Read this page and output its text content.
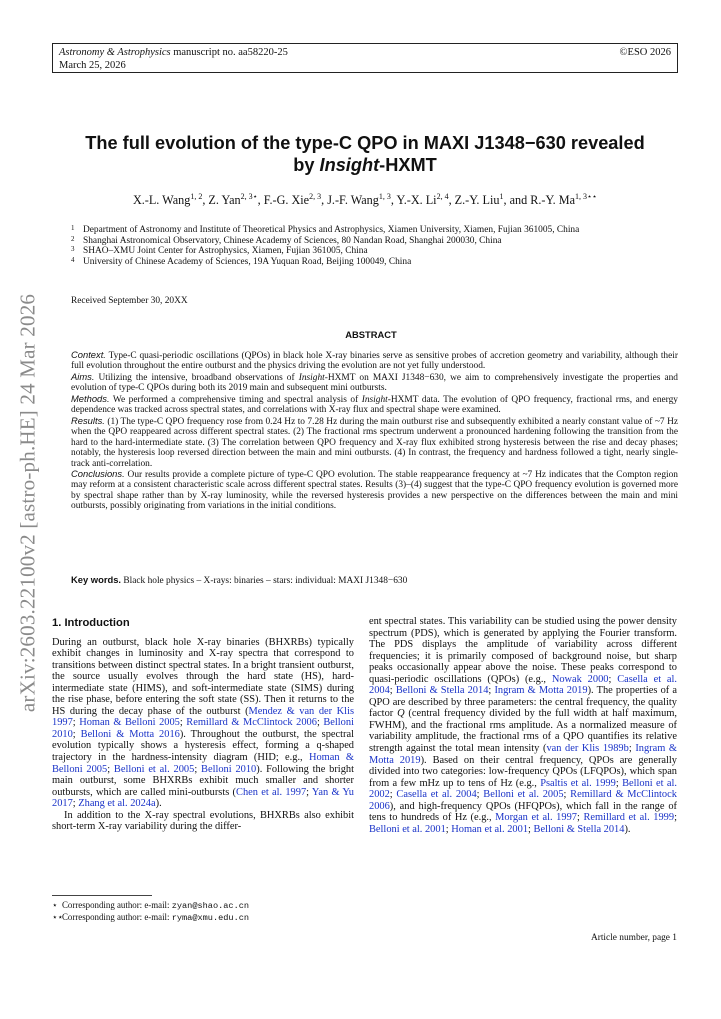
Astronomy & Astrophysics manuscript no. aa58220-25
March 25, 2026
©ESO 2026
arXiv:2603.22100v2 [astro-ph.HE] 24 Mar 2026
The full evolution of the type-C QPO in MAXI J1348−630 revealed
by Insight-HXMT
X.-L. Wang$^{1, 2}$, Z. Yan$^{2, 3⋆}$, F.-G. Xie$^{2, 3}$, J.-F. Wang$^{1, 3}$, Y.-X. Li$^{2, 4}$, Z.-Y. Liu$^1$, and R.-Y. $Ma^{1, 3⋆⋆}$
1 Department of Astronomy and Institute of Theoretical Physics and Astrophysics, Xiamen University, Xiamen, Fujian 361005, China
2 Shanghai Astronomical Observatory, Chinese Academy of Sciences, 80 Nandan Road, Shanghai 200030, China
3 SHAO–XMU Joint Center for Astrophysics, Xiamen, Fujian 361005, China
4 University of Chinese Academy of Sciences, 19A Yuquan Road, Beijing 100049, China
Received September 30, 20XX
ABSTRACT

Context. Type-C quasi-periodic oscillations (QPOs) in black hole X-ray binaries serve as sensitive probes of accretion geometry and variability, although their full evolution throughout the entire outburst and the physics driving the evolution are not yet fully understood.

Aims. Utilizing the intensive, broadband observations of Insight-HXMT on MAXI J1348−630, we aim to comprehensively investigate the properties and evolution of type-C QPOs during both its 2019 main and subsequent mini outbursts.

Methods. We performed a comprehensive timing and spectral analysis of Insight-HXMT data. The evolution of QPO frequency, fractional rms, and energy dependence was tracked across spectral states, and correlations with X-ray flux and spectral shape were examined.

Results. (1) The type-C QPO frequency rose from 0.24 Hz to 7.28 Hz during the main outburst rise and subsequently exhibited a nearly constant value of ~7 Hz when the QPO reappeared across different spectral states. (2) The fractional rms spectrum underwent a pronounced hardening following the transition from the hard to the hard-intermediate state. (3) The correlation between QPO frequency and X-ray flux exhibited strong hysteresis between the rise and decay phases; notably, the hysteresis loop reversed direction between the main and mini outbursts. (4) In contrast, the frequency and hardness followed a tight, nearly single-track anti-correlation.

Conclusions. Our results provide a complete picture of type-C QPO evolution. The stable reappearance frequency at ~7 Hz indicates that the Compton region may reform at a consistent characteristic scale across different spectral states. Results (3)–(4) suggest that the type-C QPO frequency evolution is governed more by spectral shape rather than by X-ray luminosity, while the reversed hysteresis provides a new perspective on the differences between the main and mini outbursts, possibly originating from variations in the initial conditions.

Key words. Black hole physics – X-rays: binaries – stars: individual: MAXI J1348−630
1. Introduction

During an outburst, black hole X-ray binaries (BHXRBs) typically exhibit changes in luminosity and X-ray spectra that correspond to transitions between distinct spectral states. In a bright transient outburst, the source usually evolves through the hard state (HS), hard-intermediate state (HIMS), and soft-intermediate state (SIMS) during the rise phase, before entering the soft state (SS). Then it returns to the HS during the decay phase of the outburst (Mendez & van der Klis 1997; Homan & Belloni 2005; Remillard & McClintock 2006; Belloni 2010; Belloni & Motta 2016). Throughout the outburst, the spectral evolution typically shows a hysteresis effect, forming a q-shaped trajectory in the hardness-intensity diagram (HID; e.g., Homan & Belloni 2005; Belloni et al. 2005; Belloni 2010). Following the bright main outburst, some BHXRBs exhibit much smaller and shorter outbursts, which are called mini-outbursts (Chen et al. 1997; Yan & Yu 2017; Zhang et al. 2024a).

In addition to the X-ray spectral evolutions, BHXRBs also exhibit short-term X-ray variability during the differ-

ent spectral states. This variability can be studied using the power density spectrum (PDS), which is generated by applying the Fourier transform. The PDS displays the amplitude of variability across different frequencies; it is primarily composed of background noise, but sharp peaks occasionally appear above the noise. These peaks correspond to quasi-periodic oscillations (QPOs) (e.g., Nowak 2000; Casella et al. 2004; Belloni & Stella 2014; Ingram & Motta 2019). The properties of a QPO are described by three parameters: the central frequency, the quality factor Q (central frequency divided by the full width at half maximum, FWHM), and the fractional rms amplitude. As a normalized measure of variability amplitude, the fractional rms of a QPO quantifies its relative strength against the total mean intensity (van der Klis 1989b; Ingram & Motta 2019). Based on their central frequency, QPOs are generally divided into two categories: low-frequency QPOs (LFQPOs), which span from a few mHz up to tens of Hz (e.g., Psaltis et al. 1999; Belloni et al. 2002; Casella et al. 2004; Belloni et al. 2005; Remillard & McClintock 2006), and high-frequency QPOs (HFQPOs), which fall in the range of tens to hundreds of Hz (e.g., Morgan et al. 1997; Remillard et al. 1999; Belloni et al. 2001; Homan et al. 2001; Belloni & Stella 2014).

⋆ Corresponding author: e-mail: zyan@shao.ac.cn
⋆⋆
Corresponding author: e-mail: ryma@xmu.edu.cn
Article number, page 1
